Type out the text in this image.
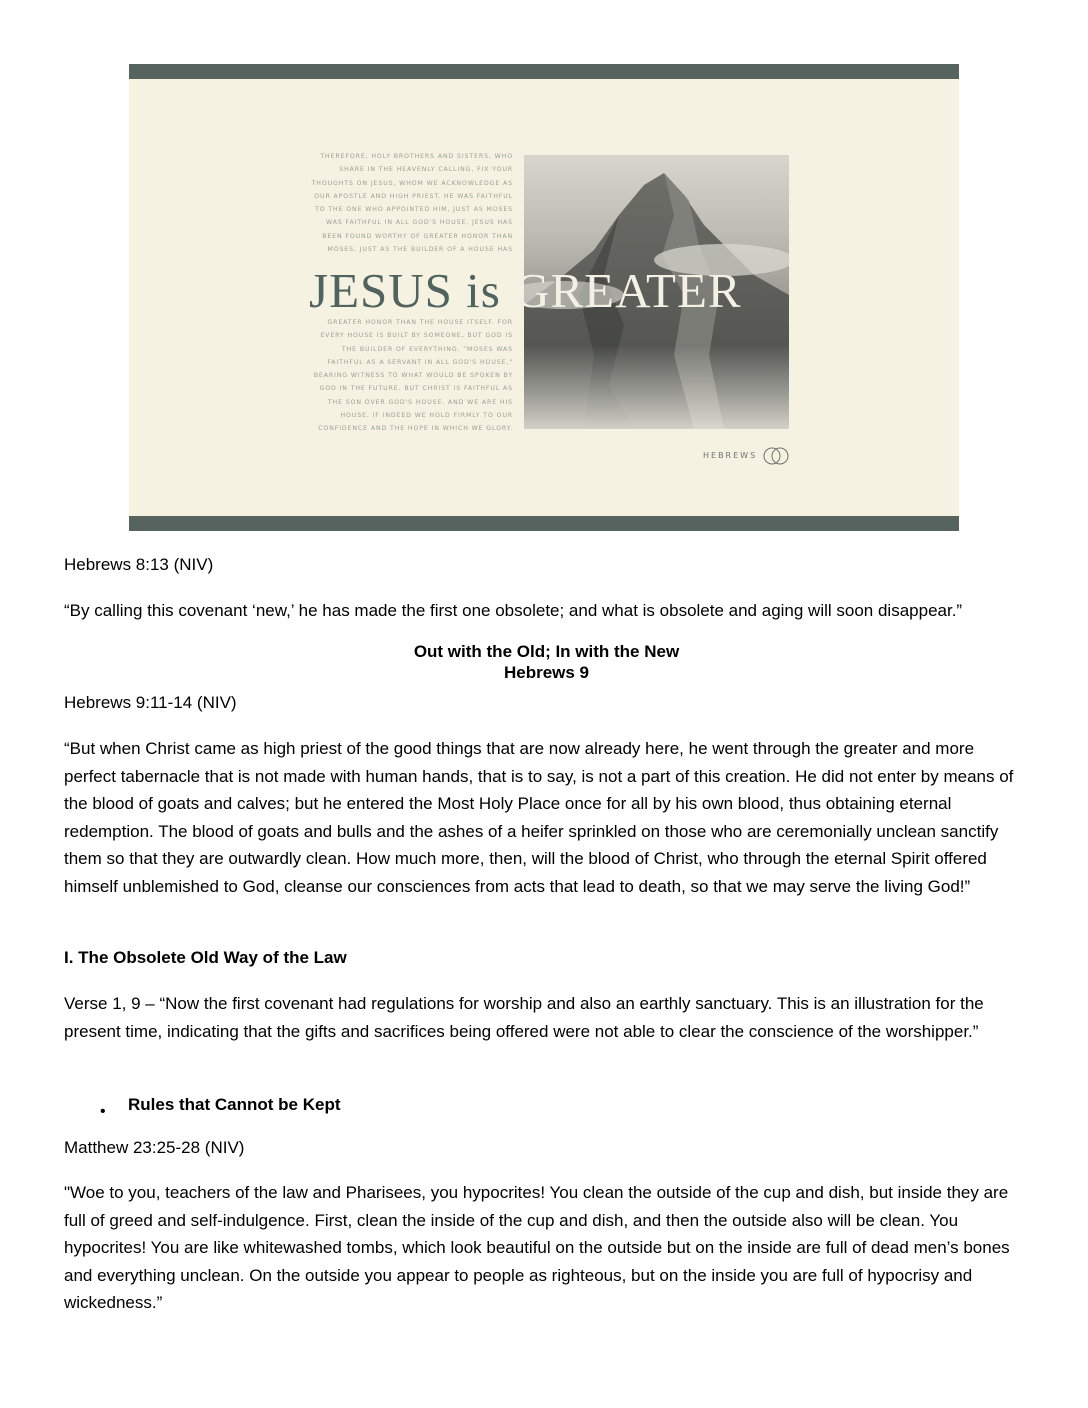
THEREFORE, HOLY BROTHERS AND SISTERS, WHO SHARE IN THE HEAVENLY CALLING, FIX YOUR THOUGHTS ON JESUS, WHOM WE ACKNOWLEDGE AS OUR APOSTLE AND HIGH PRIEST. HE WAS FAITHFUL TO THE ONE WHO APPOINTED HIM, JUST AS MOSES WAS FAITHFUL IN ALL GOD'S HOUSE. JESUS HAS BEEN FOUND WORTHY OF GREATER HONOR THAN MOSES, JUST AS THE BUILDER OF A HOUSE HAS
JESUS is GREATER
GREATER HONOR THAN THE HOUSE ITSELF. FOR EVERY HOUSE IS BUILT BY SOMEONE, BUT GOD IS THE BUILDER OF EVERYTHING. "MOSES WAS FAITHFUL AS A SERVANT IN ALL GOD'S HOUSE," BEARING WITNESS TO WHAT WOULD BE SPOKEN BY GOD IN THE FUTURE. BUT CHRIST IS FAITHFUL AS THE SON OVER GOD'S HOUSE. AND WE ARE HIS HOUSE, IF INDEED WE HOLD FIRMLY TO OUR CONFIDENCE AND THE HOPE IN WHICH WE GLORY.
HEBREWS
Hebrews 8:13 (NIV)
“By calling this covenant ‘new,’ he has made the first one obsolete; and what is obsolete and aging will soon disappear.”
Out with the Old; In with the New
Hebrews 9
Hebrews 9:11-14 (NIV)
“But when Christ came as high priest of the good things that are now already here, he went through the greater and more perfect tabernacle that is not made with human hands, that is to say, is not a part of this creation. He did not enter by means of the blood of goats and calves; but he entered the Most Holy Place once for all by his own blood, thus obtaining eternal redemption. The blood of goats and bulls and the ashes of a heifer sprinkled on those who are ceremonially unclean sanctify them so that they are outwardly clean. How much more, then, will the blood of Christ, who through the eternal Spirit offered himself unblemished to God, cleanse our consciences from acts that lead to death, so that we may serve the living God!”
I. The Obsolete Old Way of the Law
Verse 1, 9 – “Now the first covenant had regulations for worship and also an earthly sanctuary. This is an illustration for the present time, indicating that the gifts and sacrifices being offered were not able to clear the conscience of the worshipper.”
• Rules that Cannot be Kept
Matthew 23:25-28 (NIV)
"Woe to you, teachers of the law and Pharisees, you hypocrites! You clean the outside of the cup and dish, but inside they are full of greed and self-indulgence. First, clean the inside of the cup and dish, and then the outside also will be clean. You hypocrites! You are like whitewashed tombs, which look beautiful on the outside but on the inside are full of dead men’s bones and everything unclean. On the outside you appear to people as righteous, but on the inside you are full of hypocrisy and wickedness.”
